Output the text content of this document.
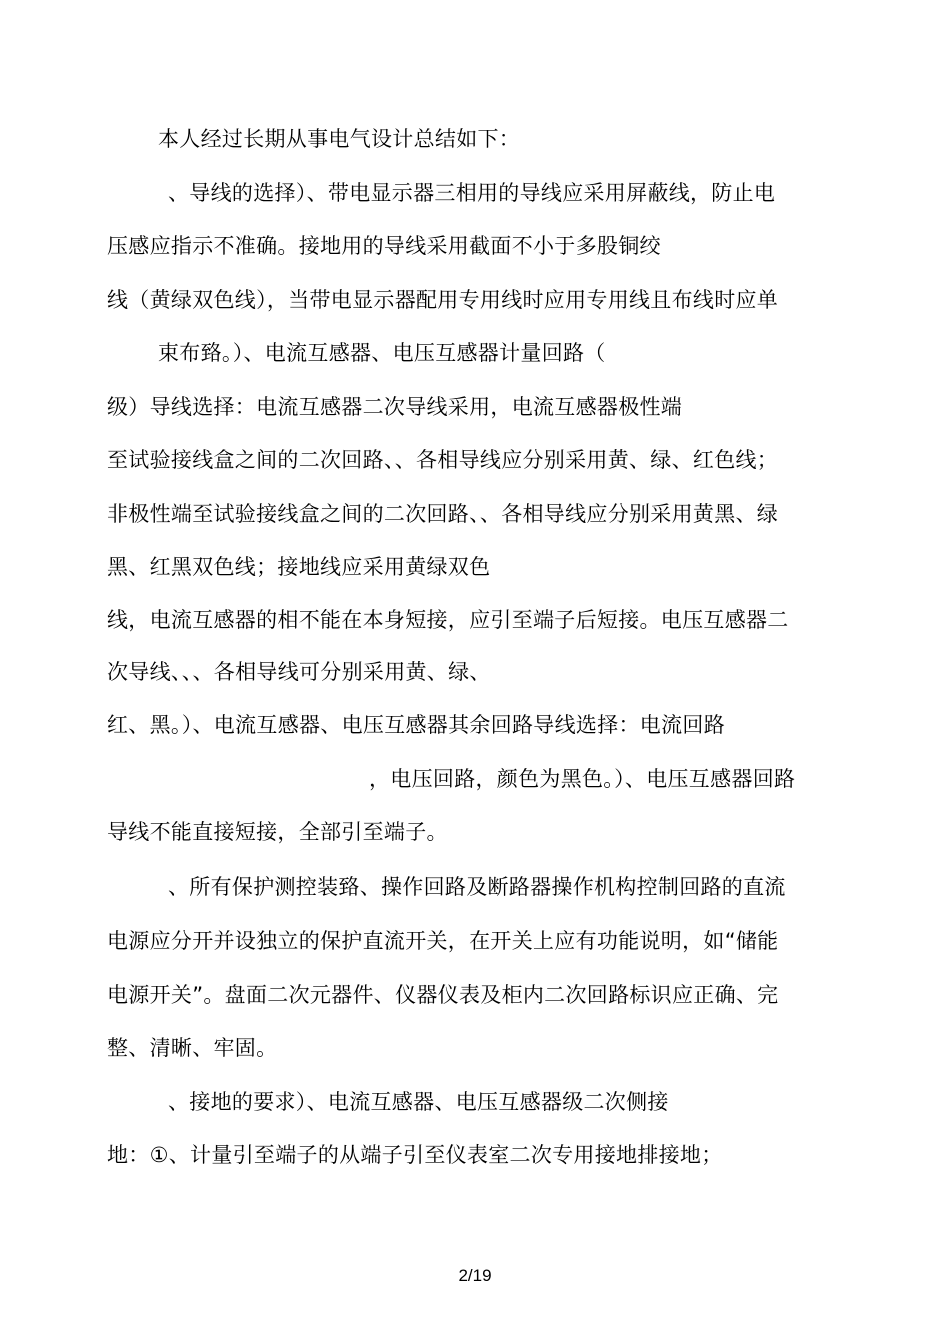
本人经过长期从事电气设计总结如下：
、导线的选择）、带电显示器三相用的导线应采用屏蔽线，防止电
压感应指示不准确。接地用的导线采用截面不小于多股铜绞
线（黄绿双色线），当带电显示器配用专用线时应用专用线且布线时应单
束布臵。）、电流互感器、电压互感器计量回路（
级）导线选择：电流互感器二次导线采用，电流互感器极性端
至试验接线盒之间的二次回路、、各相导线应分别采用黄、绿、红色线；
非极性端至试验接线盒之间的二次回路、、各相导线应分别采用黄黑、绿
黑、红黑双色线；接地线应采用黄绿双色
线，电流互感器的相不能在本身短接，应引至端子后短接。电压互感器二
次导线、、、各相导线可分别采用黄、绿、
红、黑。）、电流互感器、电压互感器其余回路导线选择：电流回路
，电压回路，颜色为黑色。）、电压互感器回路
导线不能直接短接，全部引至端子。
、所有保护测控装臵、操作回路及断路器操作机构控制回路的直流
电源应分开并设独立的保护直流开关，在开关上应有功能说明，如“储能
电源开关”。盘面二次元器件、仪器仪表及柜内二次回路标识应正确、完
整、清晰、牢固。
、接地的要求）、电流互感器、电压互感器级二次侧接
地：①、计量引至端子的从端子引至仪表室二次专用接地排接地；
2/19
